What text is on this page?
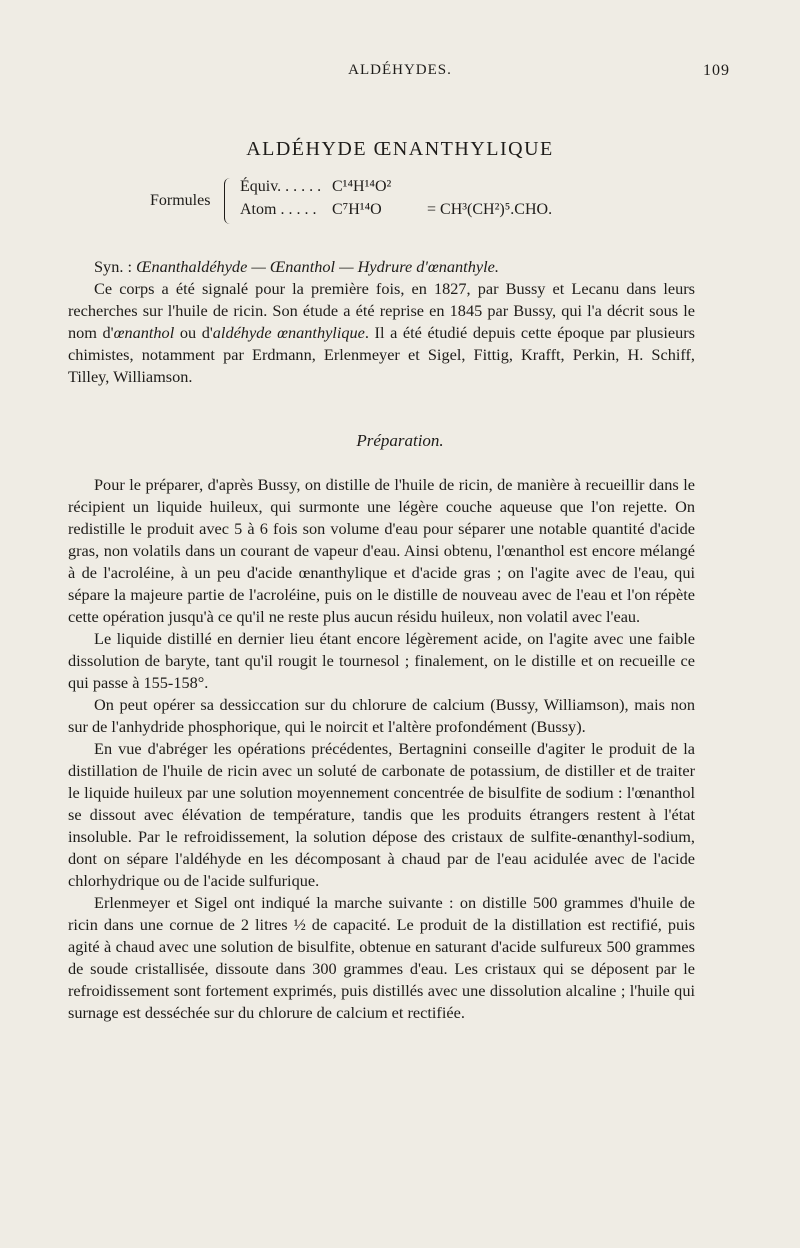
ALDÉHYDES.	109
ALDÉHYDE ŒNANTHYLIQUE
Formules
Équiv. . . . . . C¹⁴H¹⁴O²
Atom . . . . . C⁷H¹⁴O	= CH³(CH²)⁵.CHO.

Syn. : Œnanthaldéhyde — Œnanthol — Hydrure d'œnanthyle.

Ce corps a été signalé pour la première fois, en 1827, par Bussy et Lecanu dans leurs recherches sur l'huile de ricin. Son étude a été reprise en 1845 par Bussy, qui l'a décrit sous le nom d'œnanthol ou d'aldéhyde œnanthylique. Il a été étudié depuis cette époque par plusieurs chimistes, notamment par Erdmann, Erlenmeyer et Sigel, Fittig, Krafft, Perkin, H. Schiff, Tilley, Williamson.

Préparation.

Pour le préparer, d'après Bussy, on distille de l'huile de ricin, de manière à recueillir dans le récipient un liquide huileux, qui surmonte une légère couche aqueuse que l'on rejette. On redistille le produit avec 5 à 6 fois son volume d'eau pour séparer une notable quantité d'acide gras, non volatils dans un courant de vapeur d'eau. Ainsi obtenu, l'œnanthol est encore mélangé à de l'acroléine, à un peu d'acide œnanthylique et d'acide gras ; on l'agite avec de l'eau, qui sépare la majeure partie de l'acroléine, puis on le distille de nouveau avec de l'eau et l'on répète cette opération jusqu'à ce qu'il ne reste plus aucun résidu huileux, non volatil avec l'eau.

Le liquide distillé en dernier lieu étant encore légèrement acide, on l'agite avec une faible dissolution de baryte, tant qu'il rougit le tournesol ; finalement, on le distille et on recueille ce qui passe à 155-158°.

On peut opérer sa dessiccation sur du chlorure de calcium (Bussy, Williamson), mais non sur de l'anhydride phosphorique, qui le noircit et l'altère profondément (Bussy).

En vue d'abréger les opérations précédentes, Bertagnini conseille d'agiter le produit de la distillation de l'huile de ricin avec un soluté de carbonate de potassium, de distiller et de traiter le liquide huileux par une solution moyennement concentrée de bisulfite de sodium : l'œnanthol se dissout avec élévation de température, tandis que les produits étrangers restent à l'état insoluble. Par le refroidissement, la solution dépose des cristaux de sulfite-œnanthyl-sodium, dont on sépare l'aldéhyde en les décomposant à chaud par de l'eau acidulée avec de l'acide chlorhydrique ou de l'acide sulfurique.

Erlenmeyer et Sigel ont indiqué la marche suivante : on distille 500 grammes d'huile de ricin dans une cornue de 2 litres ½ de capacité. Le produit de la distillation est rectifié, puis agité à chaud avec une solution de bisulfite, obtenue en saturant d'acide sulfureux 500 grammes de soude cristallisée, dissoute dans 300 grammes d'eau. Les cristaux qui se déposent par le refroidissement sont fortement exprimés, puis distillés avec une dissolution alcaline ; l'huile qui surnage est desséchée sur du chlorure de calcium et rectifiée.
